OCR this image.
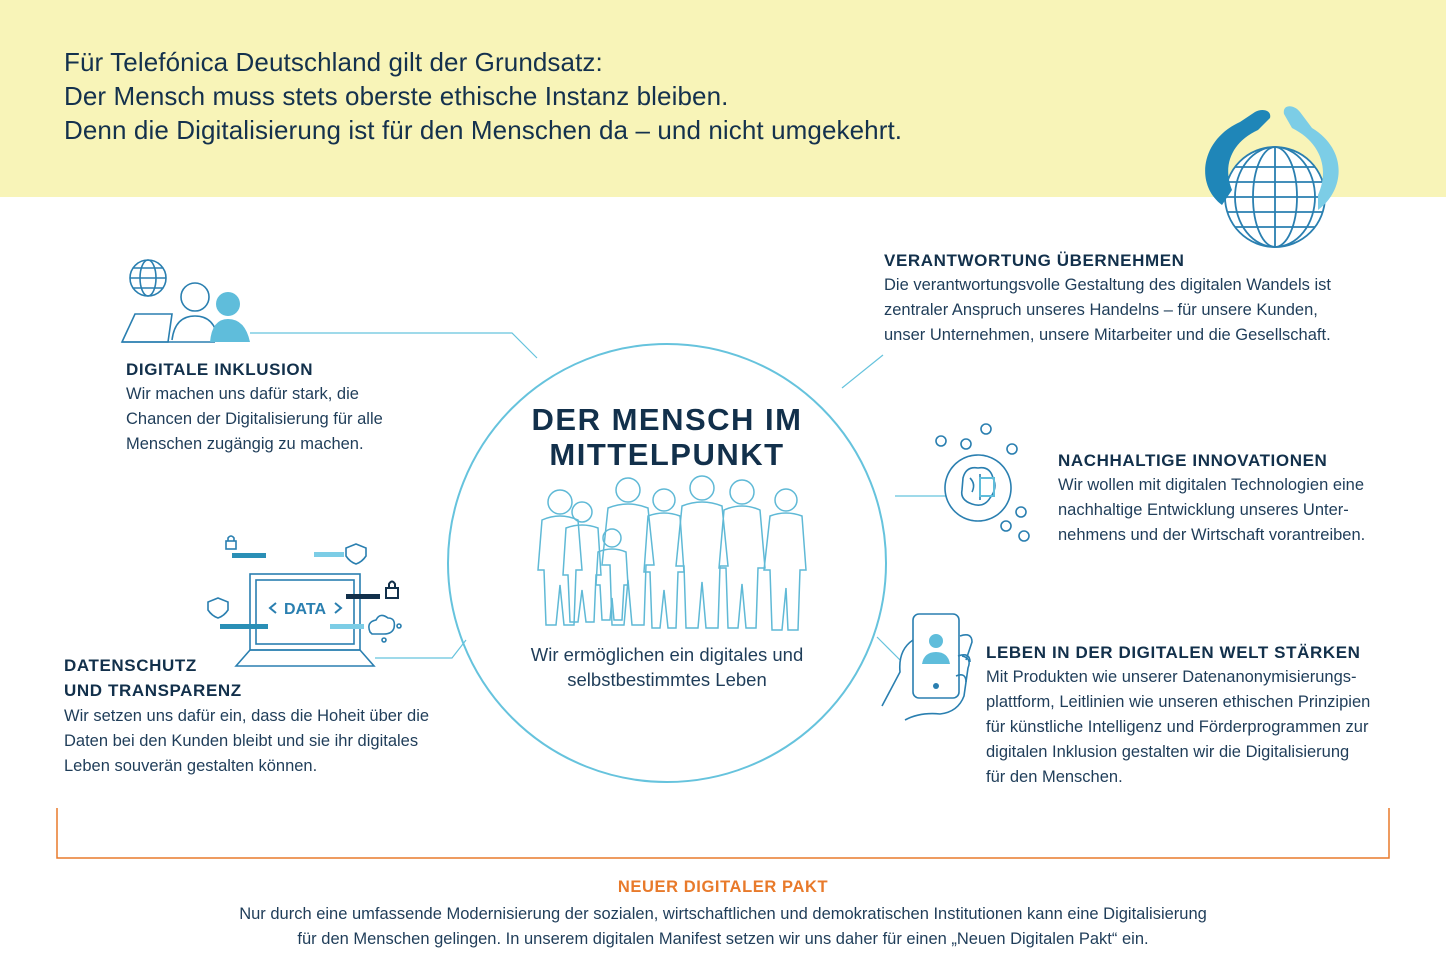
Für Telefónica Deutschland gilt der Grundsatz:
Der Mensch muss stets oberste ethische Instanz bleiben.
Denn die Digitalisierung ist für den Menschen da – und nicht umgekehrt.
DER MENSCH IM
MITTELPUNKT
Wir ermöglichen ein digitales und
selbstbestimmtes Leben
DIGITALE INKLUSION
Wir machen uns dafür stark, die
Chancen der Digitalisierung für alle
Menschen zugängig zu machen.
VERANTWORTUNG ÜBERNEHMEN
Die verantwortungsvolle Gestaltung des digitalen Wandels ist
zentraler Anspruch unseres Handelns – für unsere Kunden,
unser Unternehmen, unsere Mitarbeiter und die Gesellschaft.
NACHHALTIGE INNOVATIONEN
Wir wollen mit digitalen Technologien eine
nachhaltige Entwicklung unseres Unter-
nehmens und der Wirtschaft vorantreiben.
DATA
DATENSCHUTZ
UND TRANSPARENZ
Wir setzen uns dafür ein, dass die Hoheit über die
Daten bei den Kunden bleibt und sie ihr digitales
Leben souverän gestalten können.
LEBEN IN DER DIGITALEN WELT STÄRKEN
Mit Produkten wie unserer Datenanonymisierungs-
plattform, Leitlinien wie unseren ethischen Prinzipien
für künstliche Intelligenz und Förderprogrammen zur
digitalen Inklusion gestalten wir die Digitalisierung
für den Menschen.
NEUER DIGITALER PAKT
Nur durch eine umfassende Modernisierung der sozialen, wirtschaftlichen und demokratischen Institutionen kann eine Digitalisierung
für den Menschen gelingen. In unserem digitalen Manifest setzen wir uns daher für einen „Neuen Digitalen Pakt“ ein.
